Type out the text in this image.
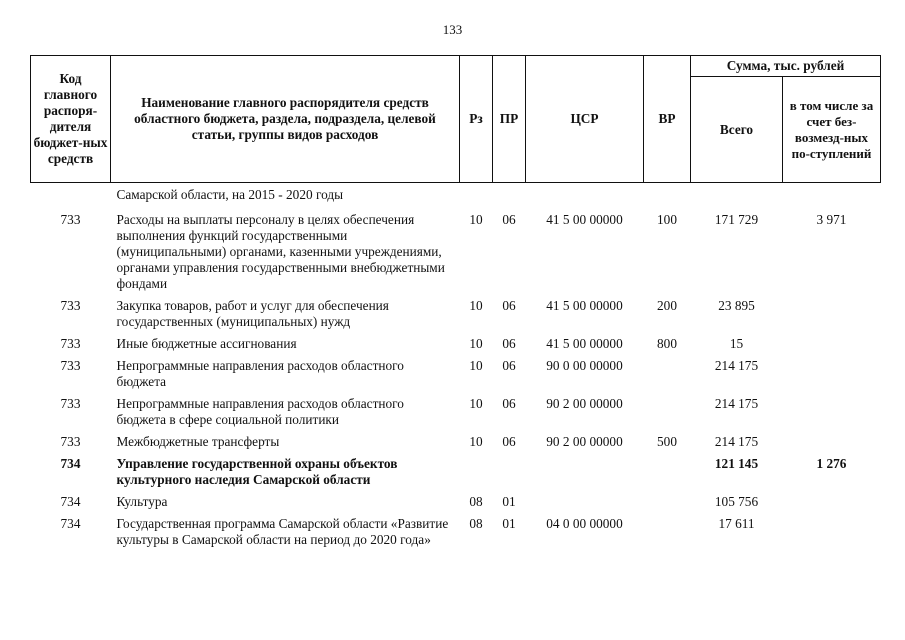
133
Код главного распоря-дителя бюджет-ных средств	Наименование главного распорядителя средств областного бюджета, раздела, подраздела, целевой статьи, группы видов расходов	Рз	ПР	ЦСР	ВР	Сумма, тыс. рублей	
						Всего	в том числе за счет без-возмезд-ных по-ступлений
	Самарской области, на 2015 - 2020 годы						
733	Расходы на выплаты персоналу в целях обеспечения выполнения функций государственными (муниципальными) органами, казенными учреждениями, органами управления государственными внебюджетными фондами	10	06	41 5 00 00000	100	171 729	3 971
733	Закупка товаров, работ и услуг для обеспечения государственных (муниципальных) нужд	10	06	41 5 00 00000	200	23 895	
733	Иные бюджетные ассигнования	10	06	41 5 00 00000	800	15	
733	Непрограммные направления расходов областного бюджета	10	06	90 0 00 00000		214 175	
733	Непрограммные направления расходов областного бюджета в сфере социальной политики	10	06	90 2 00 00000		214 175	
733	Межбюджетные трансферты	10	06	90 2 00 00000	500	214 175	
734	Управление государственной охраны объектов культурного наследия Самарской области					121 145	1 276
734	Культура	08	01			105 756	
734	Государственная программа Самарской области «Развитие культуры в Самарской области на период до 2020 года»	08	01	04 0 00 00000		17 611	
